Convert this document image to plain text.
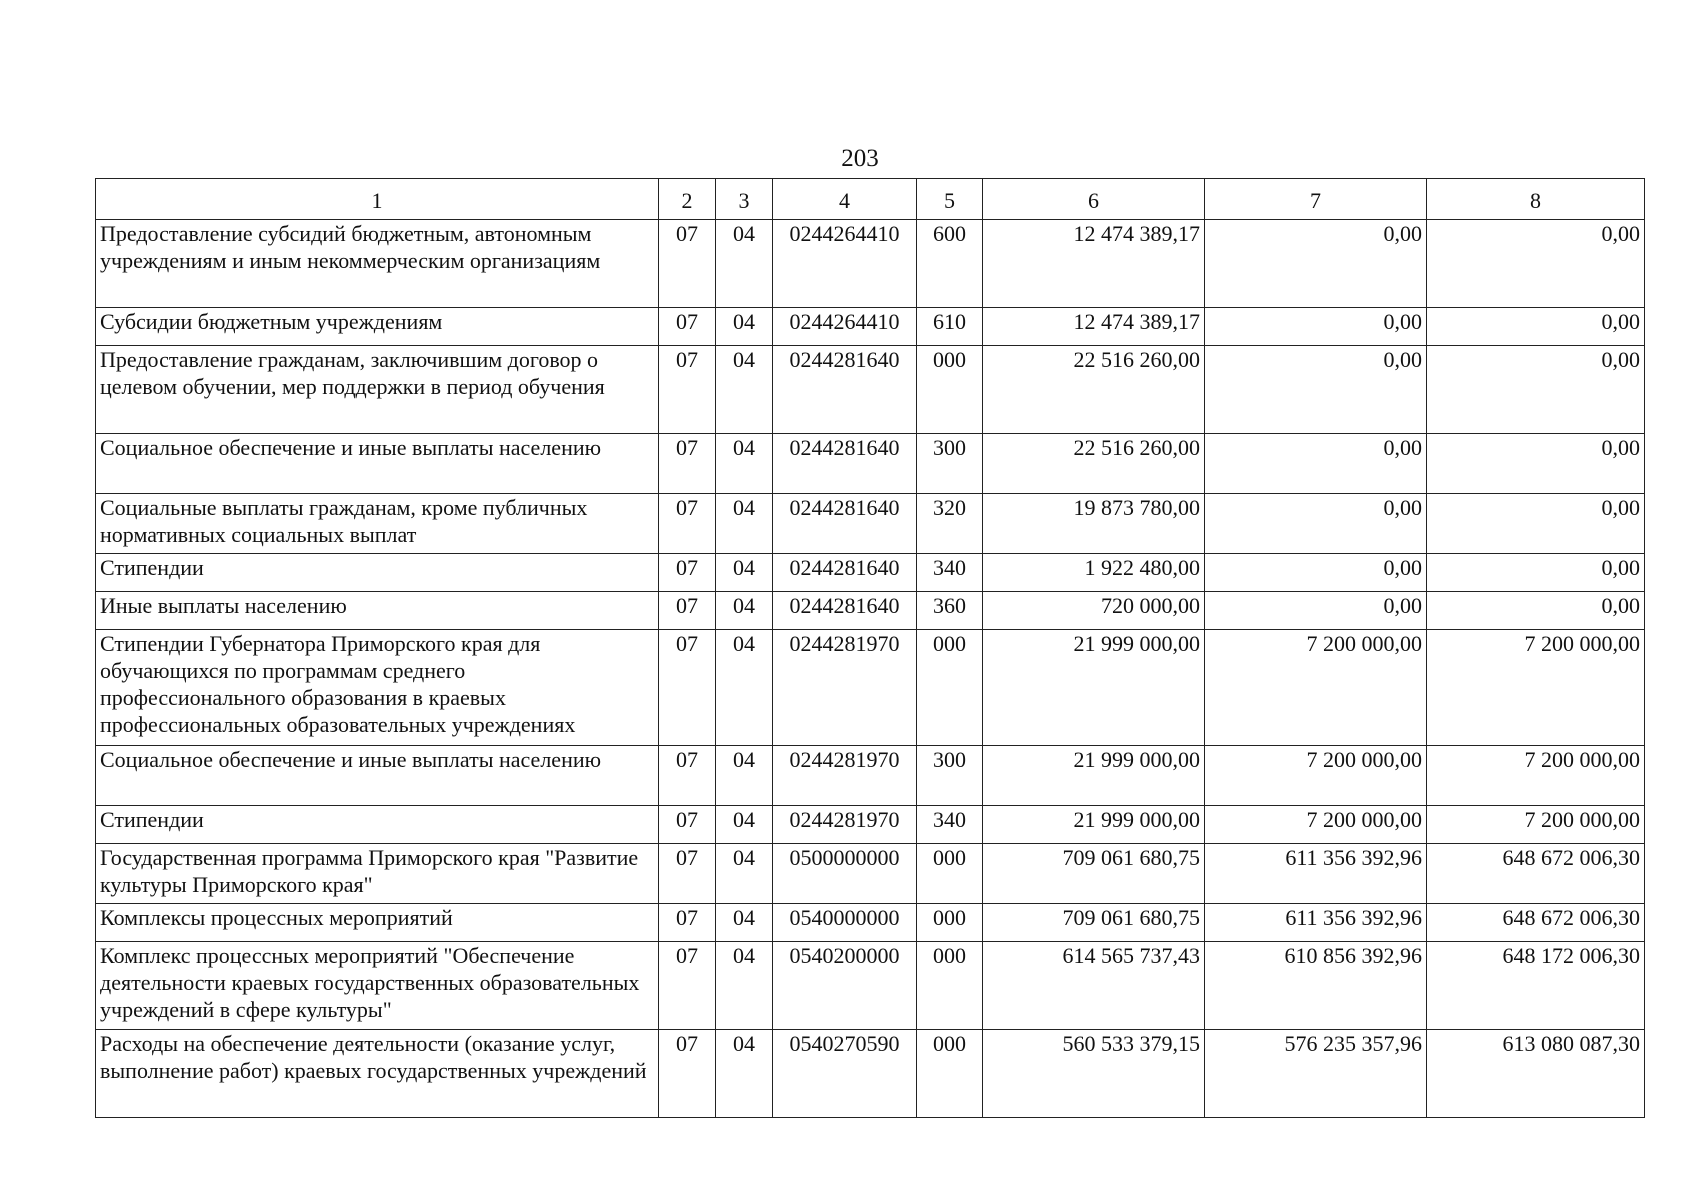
203
1	2	3	4	5	6	7	8
Предоставление субсидий бюджетным, автономным учреждениям и иным некоммерческим организациям	07	04	0244264410	600	12 474 389,17	0,00	0,00
Субсидии бюджетным учреждениям	07	04	0244264410	610	12 474 389,17	0,00	0,00
Предоставление гражданам, заключившим договор о целевом обучении, мер поддержки в период обучения	07	04	0244281640	000	22 516 260,00	0,00	0,00
Социальное обеспечение и иные выплаты населению	07	04	0244281640	300	22 516 260,00	0,00	0,00
Социальные выплаты гражданам, кроме публичных нормативных социальных выплат	07	04	0244281640	320	19 873 780,00	0,00	0,00
Стипендии	07	04	0244281640	340	1 922 480,00	0,00	0,00
Иные выплаты населению	07	04	0244281640	360	720 000,00	0,00	0,00
Стипендии Губернатора Приморского края для обучающихся по программам среднего профессионального образования в краевых профессиональных образовательных учреждениях	07	04	0244281970	000	21 999 000,00	7 200 000,00	7 200 000,00
Социальное обеспечение и иные выплаты населению	07	04	0244281970	300	21 999 000,00	7 200 000,00	7 200 000,00
Стипендии	07	04	0244281970	340	21 999 000,00	7 200 000,00	7 200 000,00
Государственная программа Приморского края "Развитие культуры Приморского края"	07	04	0500000000	000	709 061 680,75	611 356 392,96	648 672 006,30
Комплексы процессных мероприятий	07	04	0540000000	000	709 061 680,75	611 356 392,96	648 672 006,30
Комплекс процессных мероприятий "Обеспечение деятельности краевых государственных образовательных учреждений в сфере культуры"	07	04	0540200000	000	614 565 737,43	610 856 392,96	648 172 006,30
Расходы на обеспечение деятельности (оказание услуг, выполнение работ) краевых государственных учреждений	07	04	0540270590	000	560 533 379,15	576 235 357,96	613 080 087,30
